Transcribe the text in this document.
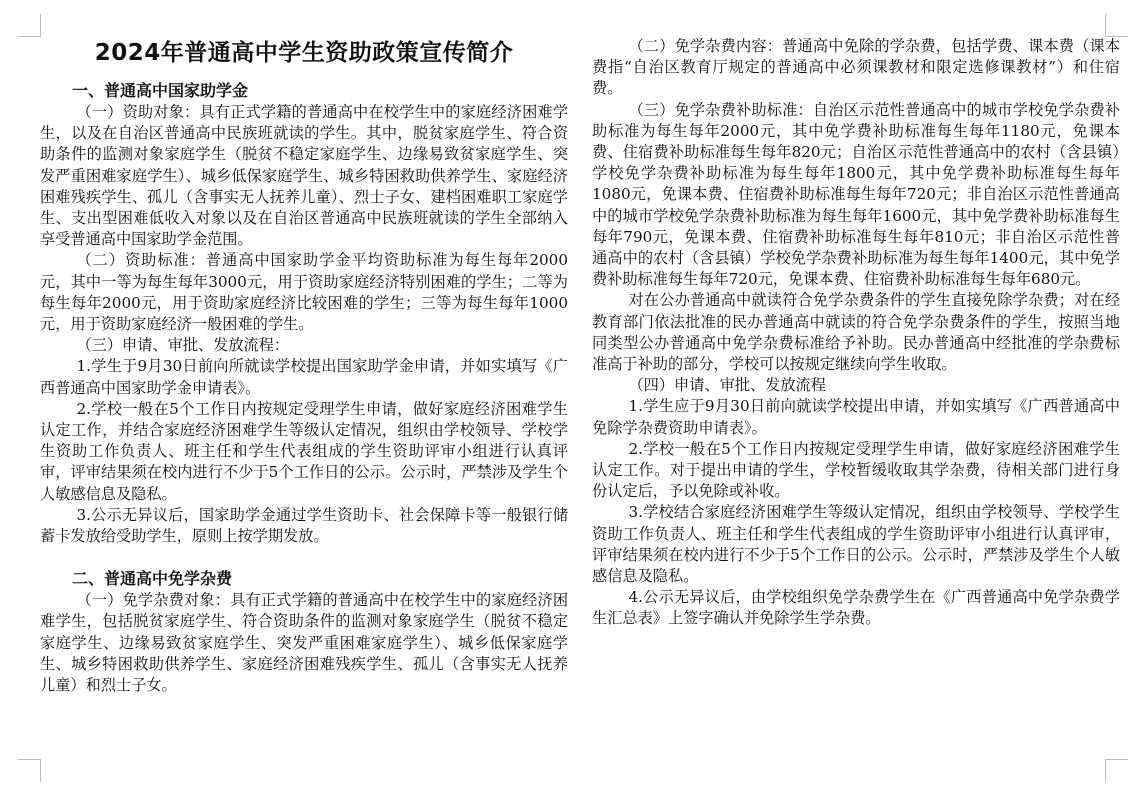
2024年普通高中学生资助政策宣传简介
一、普通高中国家助学金

（一）资助对象：具有正式学籍的普通高中在校学生中的家庭经济困难学生，以及在自治区普通高中民族班就读的学生。其中，脱贫家庭学生、符合资助条件的监测对象家庭学生（脱贫不稳定家庭学生、边缘易致贫家庭学生、突发严重困难家庭学生）、城乡低保家庭学生、城乡特困救助供养学生、家庭经济困难残疾学生、孤儿（含事实无人抚养儿童）、烈士子女、建档困难职工家庭学生、支出型困难低收入对象以及在自治区普通高中民族班就读的学生全部纳入享受普通高中国家助学金范围。

（二）资助标准：普通高中国家助学金平均资助标准为每生每年2000元，其中一等为每生每年3000元，用于资助家庭经济特别困难的学生；二等为每生每年2000元，用于资助家庭经济比较困难的学生；三等为每生每年1000元，用于资助家庭经济一般困难的学生。

（三）申请、审批、发放流程：

1.学生于9月30日前向所就读学校提出国家助学金申请，并如实填写《广西普通高中国家助学金申请表》。

2.学校一般在5个工作日内按规定受理学生申请，做好家庭经济困难学生认定工作，并结合家庭经济困难学生等级认定情况，组织由学校领导、学校学生资助工作负责人、班主任和学生代表组成的学生资助评审小组进行认真评审，评审结果须在校内进行不少于5个工作日的公示。公示时，严禁涉及学生个人敏感信息及隐私。

3.公示无异议后，国家助学金通过学生资助卡、社会保障卡等一般银行储蓄卡发放给受助学生，原则上按学期发放。

二、普通高中免学杂费

（一）免学杂费对象：具有正式学籍的普通高中在校学生中的家庭经济困难学生，包括脱贫家庭学生、符合资助条件的监测对象家庭学生（脱贫不稳定家庭学生、边缘易致贫家庭学生、突发严重困难家庭学生）、城乡低保家庭学生、城乡特困救助供养学生、家庭经济困难残疾学生、孤儿（含事实无人抚养儿童）和烈士子女。

（二）免学杂费内容：普通高中免除的学杂费，包括学费、课本费（课本费指“自治区教育厅规定的普通高中必须课教材和限定选修课教材”）和住宿费。

（三）免学杂费补助标准：自治区示范性普通高中的城市学校免学杂费补助标准为每生每年2000元，其中免学费补助标准每生每年1180元，免课本费、住宿费补助标准每生每年820元；自治区示范性普通高中的农村（含县镇）学校免学杂费补助标准为每生每年1800元，其中免学费补助标准每生每年1080元，免课本费、住宿费补助标准每生每年720元；非自治区示范性普通高中的城市学校免学杂费补助标准为每生每年1600元，其中免学费补助标准每生每年790元，免课本费、住宿费补助标准每生每年810元；非自治区示范性普通高中的农村（含县镇）学校免学杂费补助标准为每生每年1400元，其中免学费补助标准每生每年720元，免课本费、住宿费补助标准每生每年680元。

对在公办普通高中就读符合免学杂费条件的学生直接免除学杂费；对在经教育部门依法批准的民办普通高中就读的符合免学杂费条件的学生，按照当地同类型公办普通高中免学杂费标准给予补助。民办普通高中经批准的学杂费标准高于补助的部分，学校可以按规定继续向学生收取。

（四）申请、审批、发放流程

1.学生应于9月30日前向就读学校提出申请，并如实填写《广西普通高中免除学杂费资助申请表》。

2.学校一般在5个工作日内按规定受理学生申请，做好家庭经济困难学生认定工作。对于提出申请的学生，学校暂缓收取其学杂费，待相关部门进行身份认定后，予以免除或补收。

3.学校结合家庭经济困难学生等级认定情况，组织由学校领导、学校学生资助工作负责人、班主任和学生代表组成的学生资助评审小组进行认真评审，评审结果须在校内进行不少于5个工作日的公示。公示时，严禁涉及学生个人敏感信息及隐私。

4.公示无异议后，由学校组织免学杂费学生在《广西普通高中免学杂费学生汇总表》上签字确认并免除学生学杂费。
